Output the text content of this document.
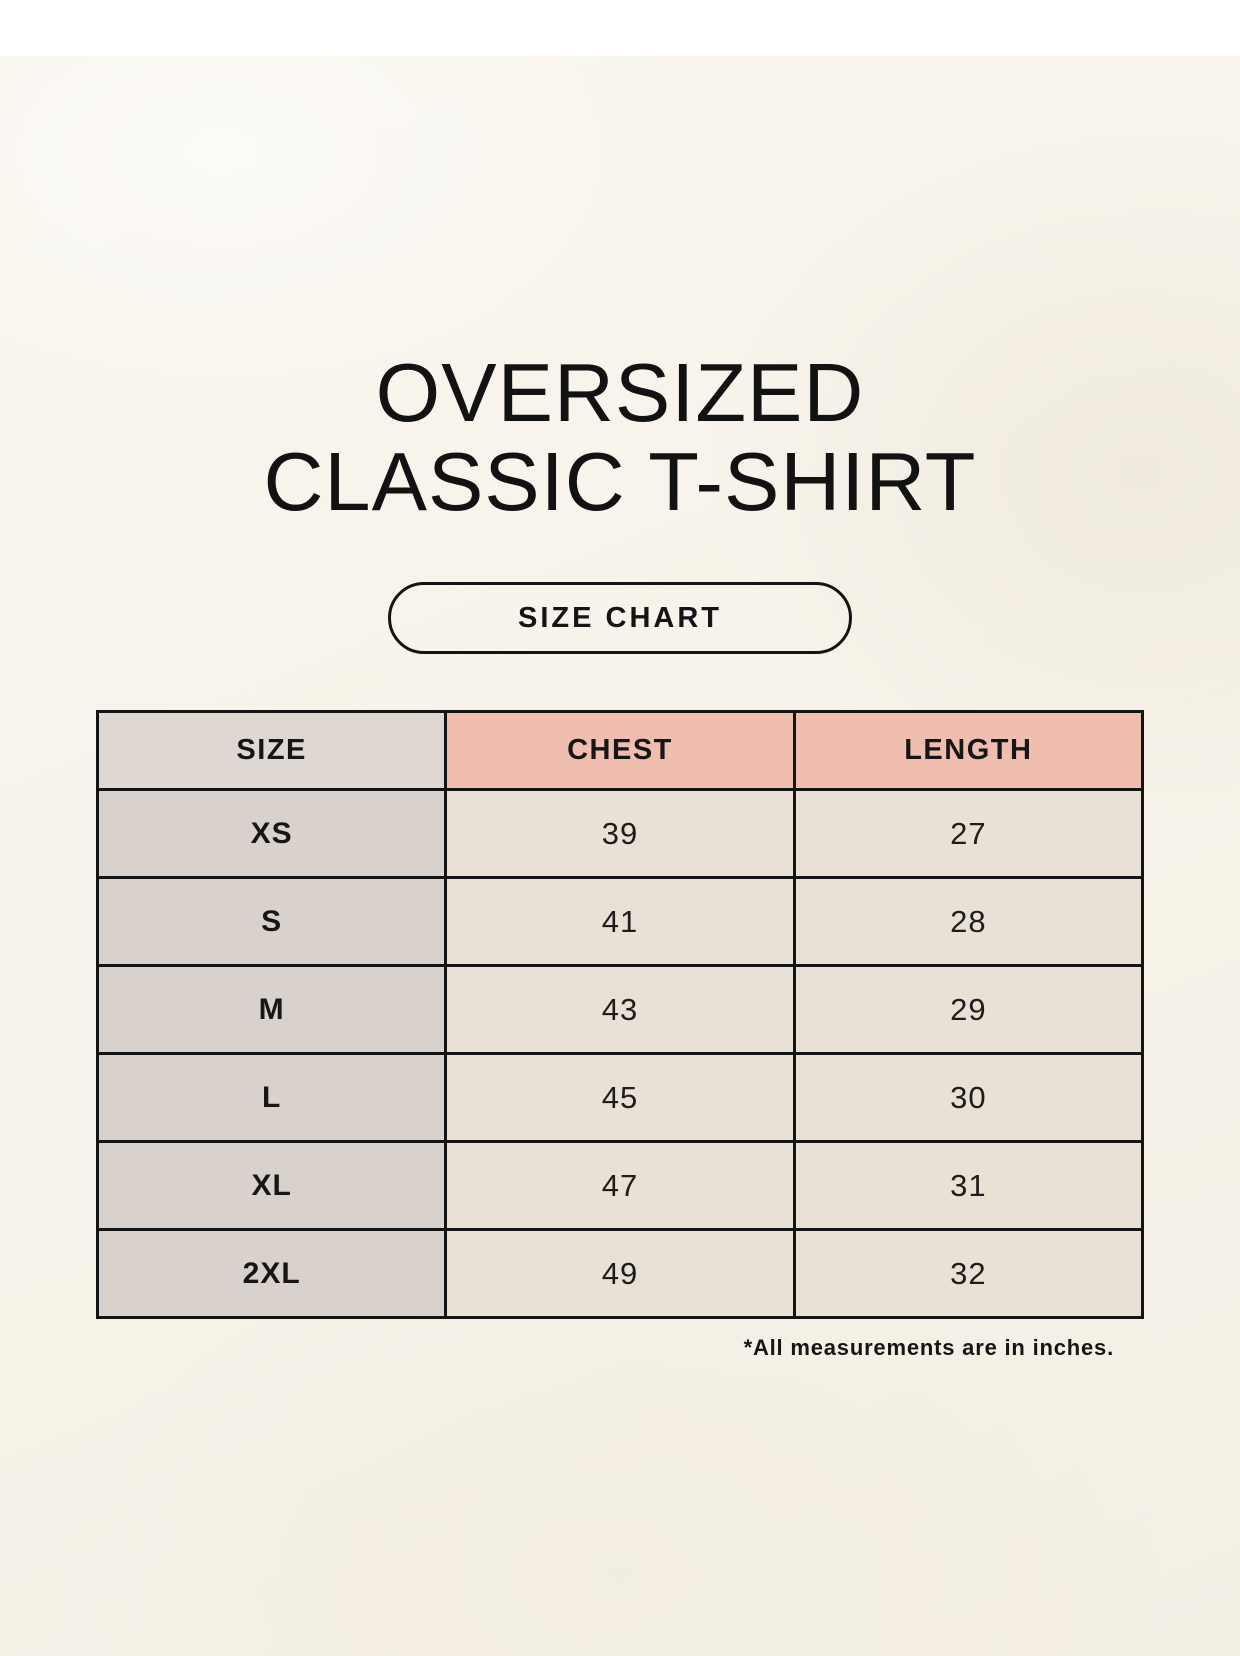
OVERSIZED
CLASSIC T-SHIRT
SIZE CHART
SIZE	CHEST	LENGTH
XS	39	27
S	41	28
M	43	29
L	45	30
XL	47	31
2XL	49	32
*All measurements are in inches.
